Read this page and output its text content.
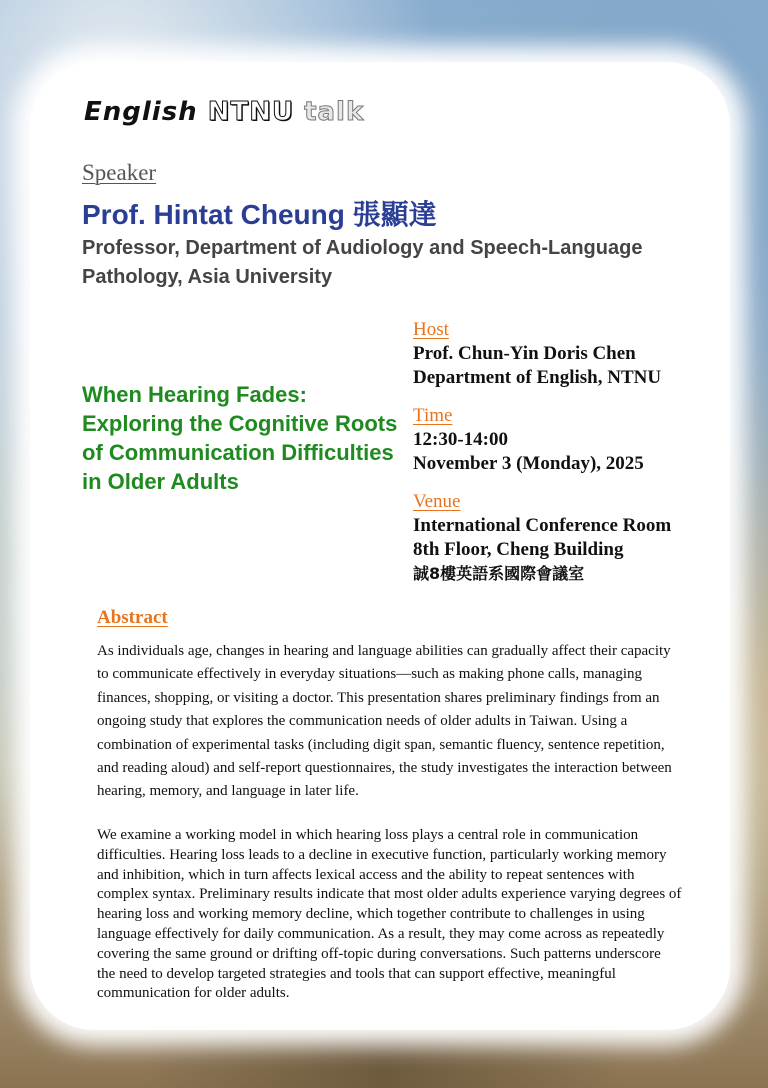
English NTNU talk
Speaker
Prof. Hintat Cheung 張顯達
Professor, Department of Audiology and Speech-Language Pathology, Asia University
When Hearing Fades: Exploring the Cognitive Roots of Communication Difficulties in Older Adults
Host
Prof. Chun-Yin Doris Chen
Department of English, NTNU
Time
12:30-14:00
November 3 (Monday), 2025
Venue
International Conference Room
8th Floor, Cheng Building
誠8樓英語系國際會議室
Abstract
As individuals age, changes in hearing and language abilities can gradually affect their capacity to communicate effectively in everyday situations—such as making phone calls, managing finances, shopping, or visiting a doctor. This presentation shares preliminary findings from an ongoing study that explores the communication needs of older adults in Taiwan. Using a combination of experimental tasks (including digit span, semantic fluency, sentence repetition, and reading aloud) and self-report questionnaires, the study investigates the interaction between hearing, memory, and language in later life.
We examine a working model in which hearing loss plays a central role in communication difficulties. Hearing loss leads to a decline in executive function, particularly working memory and inhibition, which in turn affects lexical access and the ability to repeat sentences with complex syntax. Preliminary results indicate that most older adults experience varying degrees of hearing loss and working memory decline, which together contribute to challenges in using language effectively for daily communication. As a result, they may come across as repeatedly covering the same ground or drifting off-topic during conversations. Such patterns underscore the need to develop targeted strategies and tools that can support effective, meaningful communication for older adults.
